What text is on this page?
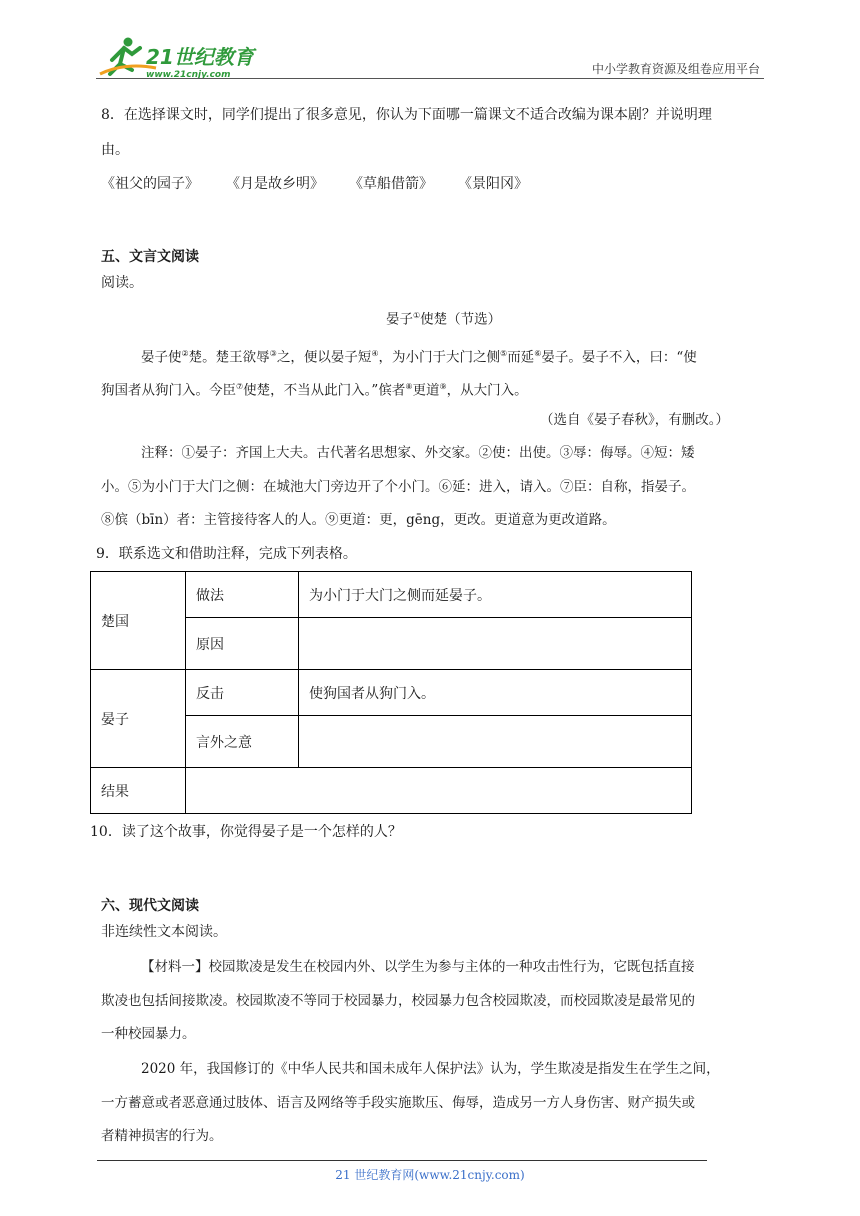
21世纪教育
www.21cnjy.com	中小学教育资源及组卷应用平台
8．在选择课文时，同学们提出了很多意见，你认为下面哪一篇课文不适合改编为课本剧？并说明理
由。
《祖父的园子》 《月是故乡明》 《草船借箭》 《景阳冈》
五、文言文阅读
阅读。
晏子①使楚（节选）
晏子使②楚。楚王欲辱③之，便以晏子短④，为小门于大门之侧⑤而延⑥晏子。晏子不入，曰：“使
狗国者从狗门入。今臣⑦使楚，不当从此门入。”傧者⑧更道⑨，从大门入。
（选自《晏子春秋》，有删改。）
注释：①晏子：齐国上大夫。古代著名思想家、外交家。②使：出使。③辱：侮辱。④短：矮
小。⑤为小门于大门之侧：在城池大门旁边开了个小门。⑥延：进入，请入。⑦臣：自称，指晏子。
⑧傧（bīn）者：主管接待客人的人。⑨更道：更，gēng，更改。更道意为更改道路。
9．联系选文和借助注释，完成下列表格。
楚国	做法	为小门于大门之侧而延晏子。
	原因	
晏子	反击	使狗国者从狗门入。
	言外之意	
结果		
10．读了这个故事，你觉得晏子是一个怎样的人？
六、现代文阅读
非连续性文本阅读。
【材料一】校园欺凌是发生在校园内外、以学生为参与主体的一种攻击性行为，它既包括直接
欺凌也包括间接欺凌。校园欺凌不等同于校园暴力，校园暴力包含校园欺凌，而校园欺凌是最常见的
一种校园暴力。
2020 年，我国修订的《中华人民共和国未成年人保护法》认为，学生欺凌是指发生在学生之间，
一方蓄意或者恶意通过肢体、语言及网络等手段实施欺压、侮辱，造成另一方人身伤害、财产损失或
者精神损害的行为。
21 世纪教育网(www.21cnjy.com)
